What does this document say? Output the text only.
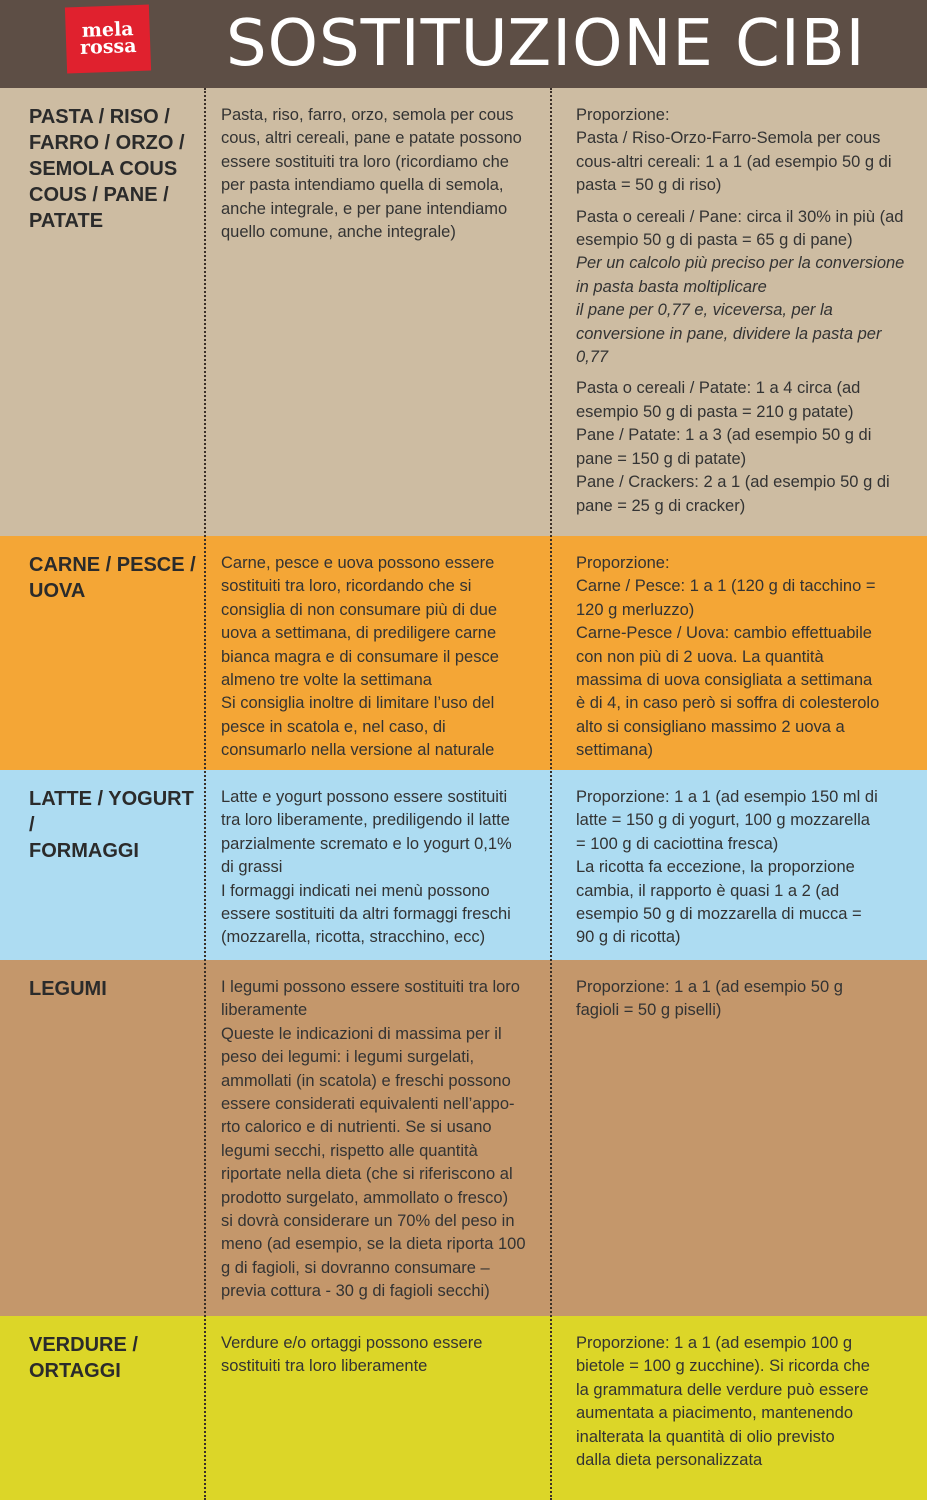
mela
rossa SOSTITUZIONE CIBI
PASTA / RISO /
FARRO / ORZO /
SEMOLA COUS
COUS / PANE /
PATATE

Pasta, riso, farro, orzo, semola per cous

cous, altri cereali, pane e patate possono

essere sostituiti tra loro (ricordiamo che

per pasta intendiamo quella di semola,

anche integrale, e per pane intendiamo

quello comune, anche integrale)

Proporzione:

Pasta / Riso-Orzo-Farro-Semola per cous

cous-altri cereali: 1 a 1 (ad esempio 50 g di

pasta = 50 g di riso)

Pasta o cereali / Pane: circa il 30% in più (ad

esempio 50 g di pasta = 65 g di pane)

Per un calcolo più preciso per la conversione

in pasta basta moltiplicare

il pane per 0,77 e, viceversa, per la

conversione in pane, dividere la pasta per

0,77

Pasta o cereali / Patate: 1 a 4 circa (ad

esempio 50 g di pasta = 210 g patate)

Pane / Patate: 1 a 3 (ad esempio 50 g di

pane = 150 g di patate)

Pane / Crackers: 2 a 1 (ad esempio 50 g di

pane = 25 g di cracker)

CARNE / PESCE /
UOVA

Carne, pesce e uova possono essere

sostituiti tra loro, ricordando che si

consiglia di non consumare più di due

uova a settimana, di prediligere carne

bianca magra e di consumare il pesce

almeno tre volte la settimana

Si consiglia inoltre di limitare l’uso del

pesce in scatola e, nel caso, di

consumarlo nella versione al naturale

Proporzione:

Carne / Pesce: 1 a 1 (120 g di tacchino =

120 g merluzzo)

Carne-Pesce / Uova: cambio effettuabile

con non più di 2 uova. La quantità

massima di uova consigliata a settimana

è di 4, in caso però si soffra di colesterolo

alto si consigliano massimo 2 uova a

settimana)

LATTE / YOGURT /
FORMAGGI

Latte e yogurt possono essere sostituiti

tra loro liberamente, prediligendo il latte

parzialmente scremato e lo yogurt 0,1%

di grassi

I formaggi indicati nei menù possono

essere sostituiti da altri formaggi freschi

(mozzarella, ricotta, stracchino, ecc)

Proporzione: 1 a 1 (ad esempio 150 ml di

latte = 150 g di yogurt, 100 g mozzarella

= 100 g di caciottina fresca)

La ricotta fa eccezione, la proporzione

cambia, il rapporto è quasi 1 a 2 (ad

esempio 50 g di mozzarella di mucca =

90 g di ricotta)

LEGUMI	I legumi possono essere sostituiti tra loro

liberamente

Queste le indicazioni di massima per il

peso dei legumi: i legumi surgelati,

ammollati (in scatola) e freschi possono

essere considerati equivalenti nell’appo-

rto calorico e di nutrienti. Se si usano

legumi secchi, rispetto alle quantità

riportate nella dieta (che si riferiscono al

prodotto surgelato, ammollato o fresco)

si dovrà considerare un 70% del peso in

meno (ad esempio, se la dieta riporta 100

g di fagioli, si dovranno consumare –

previa cottura - 30 g di fagioli secchi)

Proporzione: 1 a 1 (ad esempio 50 g

fagioli = 50 g piselli)

VERDURE /
ORTAGGI

Verdure e/o ortaggi possono essere

sostituiti tra loro liberamente

Proporzione: 1 a 1 (ad esempio 100 g

bietole = 100 g zucchine). Si ricorda che

la grammatura delle verdure può essere

aumentata a piacimento, mantenendo

inalterata la quantità di olio previsto

dalla dieta personalizzata
